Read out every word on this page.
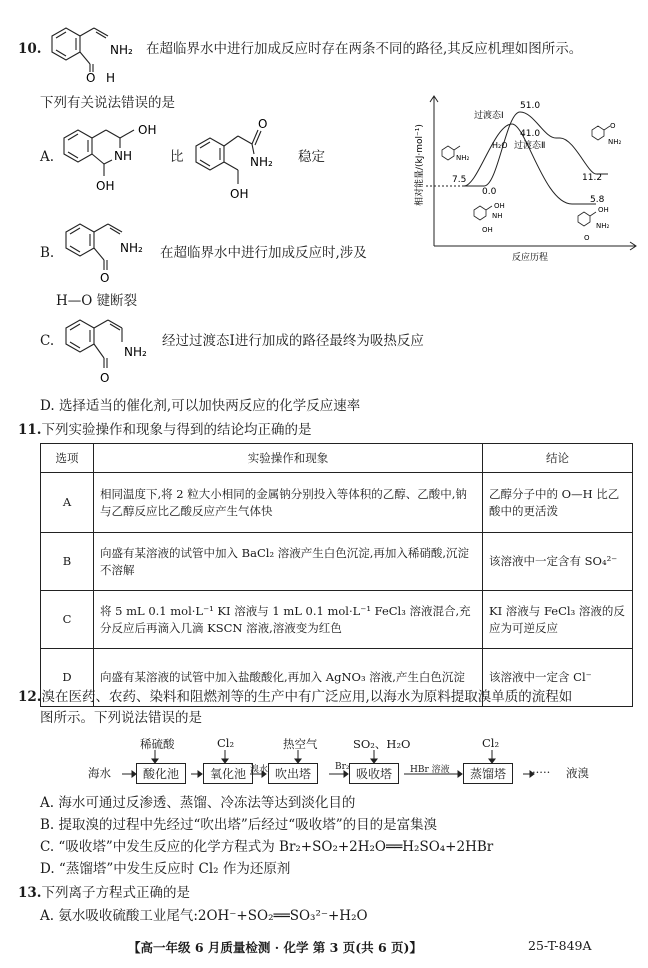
10.	NH₂
O H
在超临界水中进行加成反应时存在两条不同的路径,其反应机理如图所示。
下列有关说法错误的是
A.
OH
NH
OH
比
O
NH₂
OH
稳定
B.	NH₂
O
在超临界水中进行加成反应时,涉及
H—O 键断裂
C.
NH₂
O
经过过渡态Ⅰ进行加成的路径最终为吸热反应
D. 选择适当的催化剂,可以加快两反应的化学反应速率
相对能量/(kJ·mol⁻¹)
反应历程
过渡态Ⅰ
过渡态Ⅱ
H₂O
51.0
41.0
7.5
0.0
11.2
5.8
NH₂
O
NH₂
OH
NH
OH
OH
NH₂
O
11.下列实验操作和现象与得到的结论均正确的是
选项	实验操作和现象	结论
A	相同温度下,将 2 粒大小相同的金属钠分别投入等体积的乙醇、乙酸中,钠与乙醇反应比乙酸反应产生气体快	乙醇分子中的 O—H 比乙酸中的更活泼
B	向盛有某溶液的试管中加入 BaCl₂ 溶液产生白色沉淀,再加入稀硝酸,沉淀不溶解	该溶液中一定含有 SO₄²⁻
C	将 5 mL 0.1 mol·L⁻¹ KI 溶液与 1 mL 0.1 mol·L⁻¹ FeCl₃ 溶液混合,充分反应后再滴入几滴 KSCN 溶液,溶液变为红色	KI 溶液与 FeCl₃ 溶液的反应为可逆反应
D	向盛有某溶液的试管中加入盐酸酸化,再加入 AgNO₃ 溶液,产生白色沉淀	该溶液中一定含 Cl⁻
12.溴在医药、农药、染料和阻燃剂等的生产中有广泛应用,以海水为原料提取溴单质的流程如
图所示。下列说法错误的是
稀硫酸	Cl₂	热空气	SO₂、H₂O	Cl₂
海水	酸化池	氧化池	吹出塔	吸收塔	蒸馏塔
溴水	Br₂	HBr 溶液	····· 液溴
A. 海水可通过反渗透、蒸馏、冷冻法等达到淡化目的
B. 提取溴的过程中先经过“吹出塔”后经过“吸收塔”的目的是富集溴
C. “吸收塔”中发生反应的化学方程式为 Br₂+SO₂+2H₂O══H₂SO₄+2HBr
D. “蒸馏塔”中发生反应时 Cl₂ 作为还原剂
13.下列离子方程式正确的是
A. 氨水吸收硫酸工业尾气:2OH⁻+SO₂══SO₃²⁻+H₂O
【高一年级 6 月质量检测 · 化学 第 3 页(共 6 页)】	25-T-849A
